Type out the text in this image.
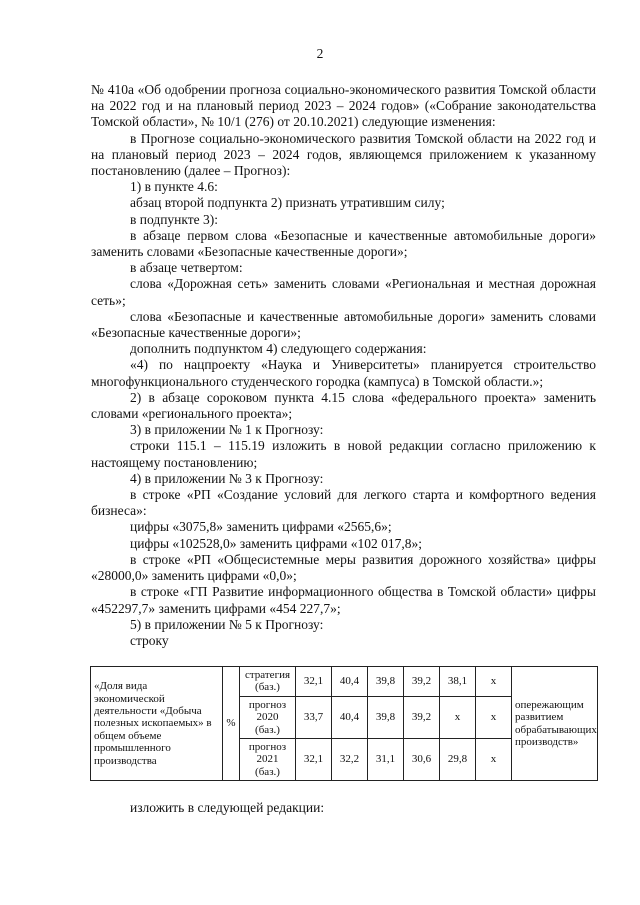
2

№ 410а «Об одобрении прогноза социально-экономического развития Томской области на 2022 год и на плановый период 2023 – 2024 годов» («Собрание законодательства Томской области», № 10/1 (276) от 20.10.2021) следующие изменения:

в Прогнозе социально-экономического развития Томской области на 2022 год и на плановый период 2023 – 2024 годов, являющемся приложением к указанному постановлению (далее – Прогноз):

1) в пункте 4.6:

абзац второй подпункта 2) признать утратившим силу;

в подпункте 3):

в абзаце первом слова «Безопасные и качественные автомобильные дороги» заменить словами «Безопасные качественные дороги»;

в абзаце четвертом:

слова «Дорожная сеть» заменить словами «Региональная и местная дорожная сеть»;

слова «Безопасные и качественные автомобильные дороги» заменить словами «Безопасные качественные дороги»;

дополнить подпунктом 4) следующего содержания:

«4) по нацпроекту «Наука и Университеты» планируется строительство многофункционального студенческого городка (кампуса) в Томской области.»;

2) в абзаце сороковом пункта 4.15 слова «федерального проекта» заменить словами «регионального проекта»;

3) в приложении № 1 к Прогнозу:

строки 115.1 – 115.19 изложить в новой редакции согласно приложению к настоящему постановлению;

4) в приложении № 3 к Прогнозу:

в строке «РП «Создание условий для легкого старта и комфортного ведения бизнеса»:

цифры «3075,8» заменить цифрами «2565,6»;

цифры «102528,0» заменить цифрами «102 017,8»;

в строке «РП «Общесистемные меры развития дорожного хозяйства» цифры «28000,0» заменить цифрами «0,0»;

в строке «ГП Развитие информационного общества в Томской области» цифры «452297,7» заменить цифрами «454 227,7»;

5) в приложении № 5 к Прогнозу:

строку

«Доля вида экономической деятельности «Добыча полезных ископаемых» в общем объеме промышленного производства	%	стратегия (баз.)	32,1	40,4	39,8	39,2	38,1	x	опережающим развитием обрабатывающих производств»
		прогноз 2020 (баз.)	33,7	40,4	39,8	39,2	x	x	
		прогноз 2021 (баз.)	32,1	32,2	31,1	30,6	29,8	x	
изложить в следующей редакции:
